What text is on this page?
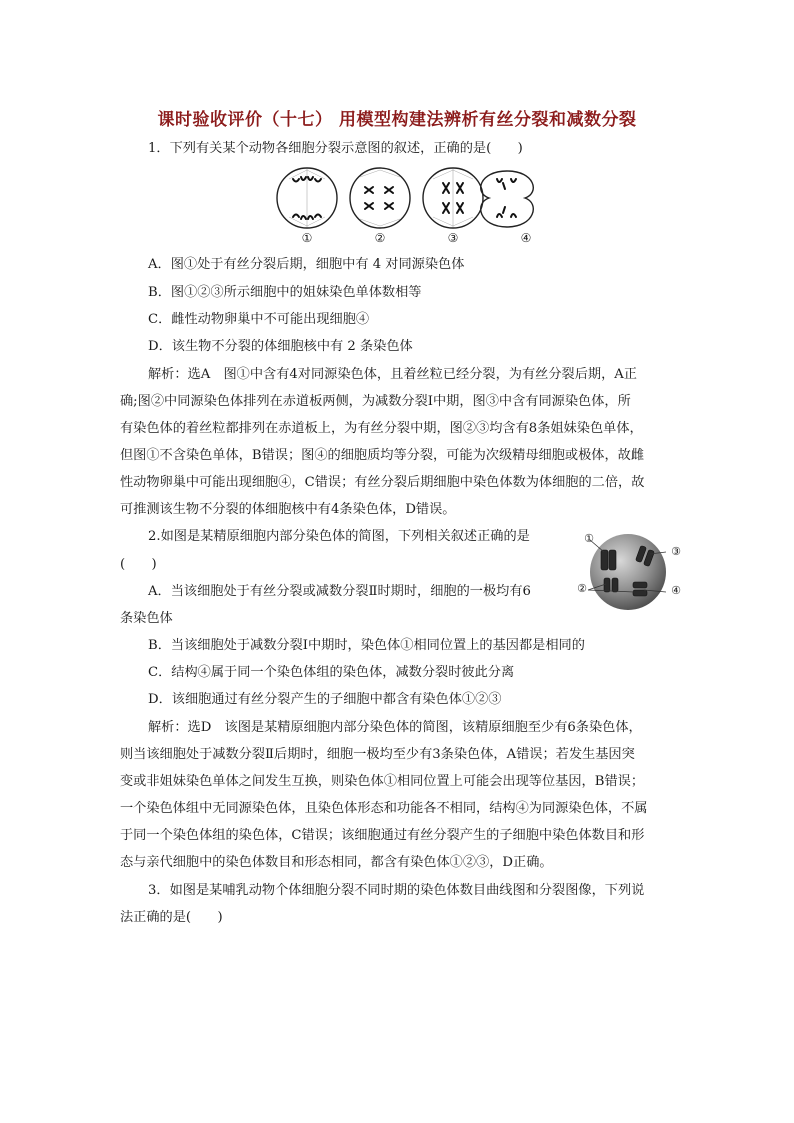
课时验收评价（十七） 用模型构建法辨析有丝分裂和减数分裂
1．下列有关某个动物各细胞分裂示意图的叙述，正确的是(　　)
①	②	③	④
A．图①处于有丝分裂后期，细胞中有 4 对同源染色体
B．图①②③所示细胞中的姐妹染色单体数相等
C．雌性动物卵巢中不可能出现细胞④
D．该生物不分裂的体细胞核中有 2 条染色体
解析：选A　图①中含有4对同源染色体，且着丝粒已经分裂，为有丝分裂后期，A正
确;图②中同源染色体排列在赤道板两侧，为减数分裂Ⅰ中期，图③中含有同源染色体，所
有染色体的着丝粒都排列在赤道板上，为有丝分裂中期，图②③均含有8条姐妹染色单体，
但图①不含染色单体，B错误；图④的细胞质均等分裂，可能为次级精母细胞或极体，故雌
性动物卵巢中可能出现细胞④，C错误；有丝分裂后期细胞中染色体数为体细胞的二倍，故
可推测该生物不分裂的体细胞核中有4条染色体，D错误。
2.如图是某精原细胞内部分染色体的简图，下列相关叙述正确的是
(　　)
①
②
③
④
A．当该细胞处于有丝分裂或减数分裂Ⅱ时期时，细胞的一极均有6
条染色体
B．当该细胞处于减数分裂Ⅰ中期时，染色体①相同位置上的基因都是相同的
C．结构④属于同一个染色体组的染色体，减数分裂时彼此分离
D．该细胞通过有丝分裂产生的子细胞中都含有染色体①②③
解析：选D　该图是某精原细胞内部分染色体的简图，该精原细胞至少有6条染色体，
则当该细胞处于减数分裂Ⅱ后期时，细胞一极均至少有3条染色体，A错误；若发生基因突
变或非姐妹染色单体之间发生互换，则染色体①相同位置上可能会出现等位基因，B错误；
一个染色体组中无同源染色体，且染色体形态和功能各不相同，结构④为同源染色体，不属
于同一个染色体组的染色体，C错误；该细胞通过有丝分裂产生的子细胞中染色体数目和形
态与亲代细胞中的染色体数目和形态相同，都含有染色体①②③，D正确。
3．如图是某哺乳动物个体细胞分裂不同时期的染色体数目曲线图和分裂图像，下列说
法正确的是(　　)
